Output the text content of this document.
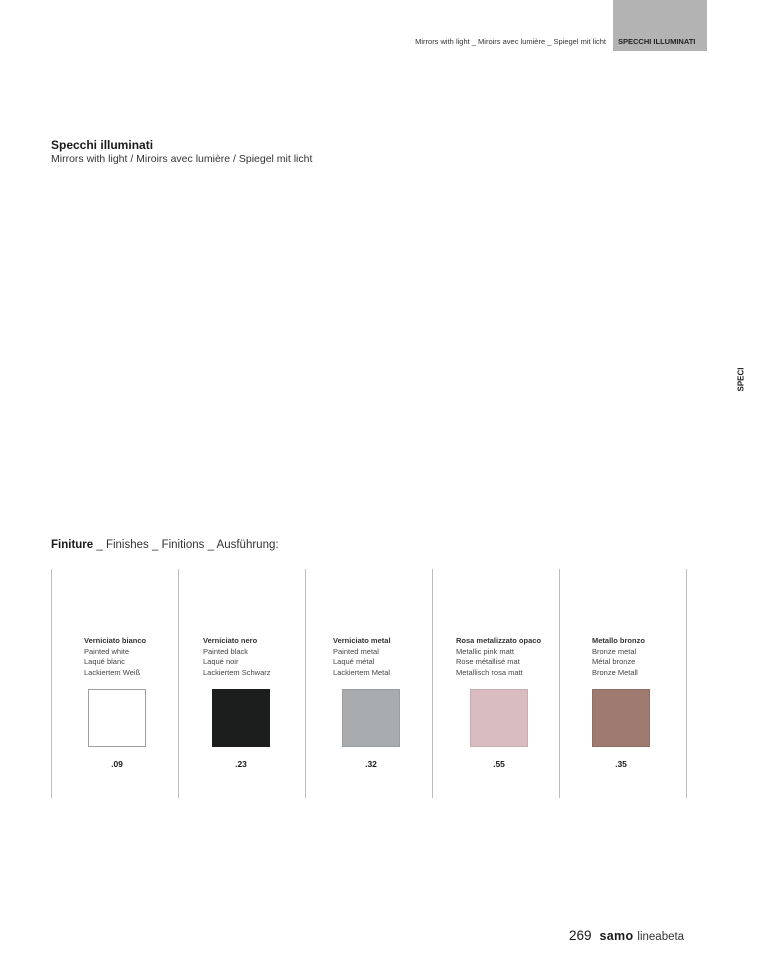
Mirrors with light _ Miroirs avec lumière _ Spiegel mit licht SPECCHI ILLUMINATI
Specchi illuminati
Mirrors with light / Miroirs avec lumière / Spiegel mit licht
SPECI
Finiture _ Finishes _ Finitions _ Ausführung:
Verniciato bianco
Painted white
Laqué blanc
Lackiertem Weiß
.09
Verniciato nero
Painted black
Laqué noir
Lackiertem Schwarz
.23
Verniciato metal
Painted metal
Laqué métal
Lackiertem Metal
.32
Rosa metalizzato opaco
Metallic pink matt
Rose métallisé mat
Metallisch rosa matt
.55
Metallo bronzo
Bronze metal
Métal bronze
Bronze Metall
.35
269 samo lineabeta
